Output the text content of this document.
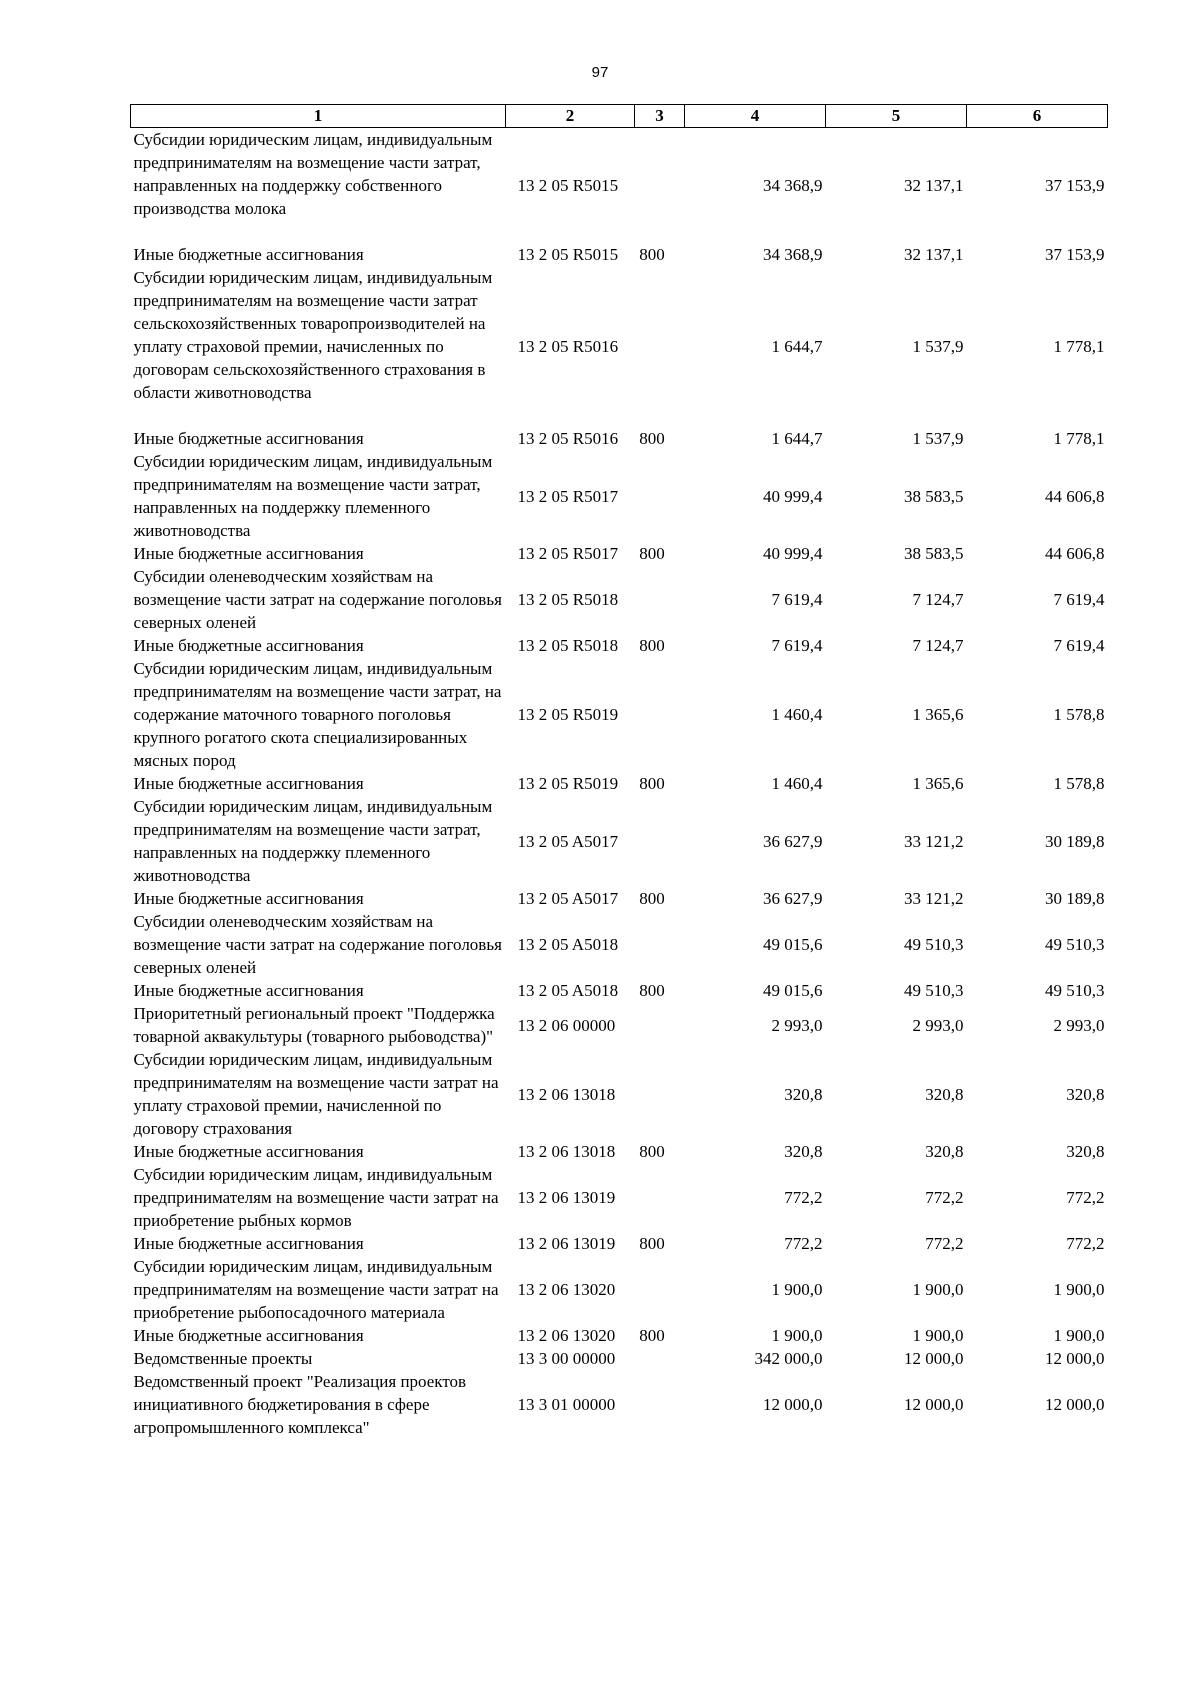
97
1	2	3	4	5	6
Субсидии юридическим лицам, индивидуальным предпринимателям на возмещение части затрат, направленных на поддержку собственного производства молока	13 2 05 R5015		34 368,9	32 137,1	37 153,9
Иные бюджетные ассигнования	13 2 05 R5015	800	34 368,9	32 137,1	37 153,9
Субсидии юридическим лицам, индивидуальным предпринимателям на возмещение части затрат сельскохозяйственных товаропроизводителей на уплату страховой премии, начисленных по договорам сельскохозяйственного страхования в области животноводства	13 2 05 R5016		1 644,7	1 537,9	1 778,1
Иные бюджетные ассигнования	13 2 05 R5016	800	1 644,7	1 537,9	1 778,1
Субсидии юридическим лицам, индивидуальным предпринимателям на возмещение части затрат, направленных на поддержку племенного животноводства	13 2 05 R5017		40 999,4	38 583,5	44 606,8
Иные бюджетные ассигнования	13 2 05 R5017	800	40 999,4	38 583,5	44 606,8
Субсидии оленеводческим хозяйствам на возмещение части затрат на содержание поголовья северных оленей	13 2 05 R5018		7 619,4	7 124,7	7 619,4
Иные бюджетные ассигнования	13 2 05 R5018	800	7 619,4	7 124,7	7 619,4
Субсидии юридическим лицам, индивидуальным предпринимателям на возмещение части затрат, на содержание маточного товарного поголовья крупного рогатого скота специализированных мясных пород	13 2 05 R5019		1 460,4	1 365,6	1 578,8
Иные бюджетные ассигнования	13 2 05 R5019	800	1 460,4	1 365,6	1 578,8
Субсидии юридическим лицам, индивидуальным предпринимателям на возмещение части затрат, направленных на поддержку племенного животноводства	13 2 05 A5017		36 627,9	33 121,2	30 189,8
Иные бюджетные ассигнования	13 2 05 A5017	800	36 627,9	33 121,2	30 189,8
Субсидии оленеводческим хозяйствам на возмещение части затрат на содержание поголовья северных оленей	13 2 05 A5018		49 015,6	49 510,3	49 510,3
Иные бюджетные ассигнования	13 2 05 A5018	800	49 015,6	49 510,3	49 510,3
Приоритетный региональный проект "Поддержка товарной аквакультуры (товарного рыбоводства)"	13 2 06 00000		2 993,0	2 993,0	2 993,0
Субсидии юридическим лицам, индивидуальным предпринимателям на возмещение части затрат на уплату страховой премии, начисленной по договору страхования	13 2 06 13018		320,8	320,8	320,8
Иные бюджетные ассигнования	13 2 06 13018	800	320,8	320,8	320,8
Субсидии юридическим лицам, индивидуальным предпринимателям на возмещение части затрат на приобретение рыбных кормов	13 2 06 13019		772,2	772,2	772,2
Иные бюджетные ассигнования	13 2 06 13019	800	772,2	772,2	772,2
Субсидии юридическим лицам, индивидуальным предпринимателям на возмещение части затрат на приобретение рыбопосадочного материала	13 2 06 13020		1 900,0	1 900,0	1 900,0
Иные бюджетные ассигнования	13 2 06 13020	800	1 900,0	1 900,0	1 900,0
Ведомственные проекты	13 3 00 00000		342 000,0	12 000,0	12 000,0
Ведомственный проект "Реализация проектов инициативного бюджетирования в сфере агропромышленного комплекса"	13 3 01 00000		12 000,0	12 000,0	12 000,0
